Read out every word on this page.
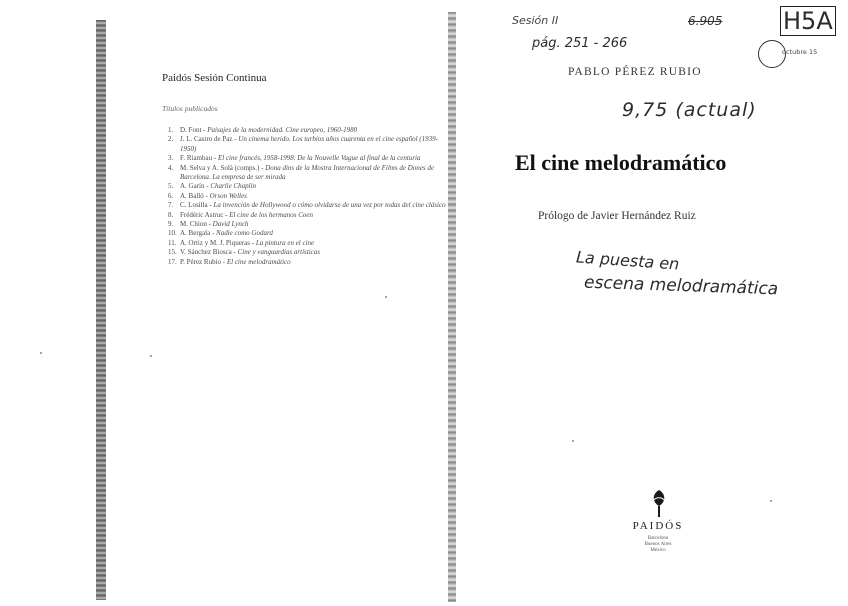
Paidós Sesión Continua
Títulos publicados
1. D. Font - Paisajes de la modernidad. Cine europeo, 1960-1980
2. J. L. Castro de Paz - Un cinema herido. Los turbios años cuarenta en el cine español (1939-1950)
3. F. Riambau - El cine francés, 1958-1998. De la Nouvelle Vague al final de la centuria
4. M. Selva y A. Solà (comps.) - Dona dins de la Mostra Internacional de Films de Dones de Barcelona. La empresa de ser mirada
5. A. Garín - Charlie Chaplin
6. A. Balló - Orson Welles
7. C. Losilla - La invención de Hollywood o cómo olvidarse de una vez por todas del cine clásico
8. Frédéric Astruc - El cine de los hermanos Coen
9. M. Chion - David Lynch
10. A. Bergala - Nadie como Godard
11. A. Ortiz y M. J. Piqueras - La pintura en el cine
15. V. Sánchez Biosca - Cine y vanguardias artísticas
17. P. Pérez Rubio - El cine melodramático
Sesión II
pág. 251 - 266
6.905	H5A
octubre 15
PABLO PÉREZ RUBIO
9,75 (actual)
El cine melodramático
Prólogo de Javier Hernández Ruiz
La puesta en
escena melodramática
PAIDÓS
Barcelona
Buenos Aires
México
